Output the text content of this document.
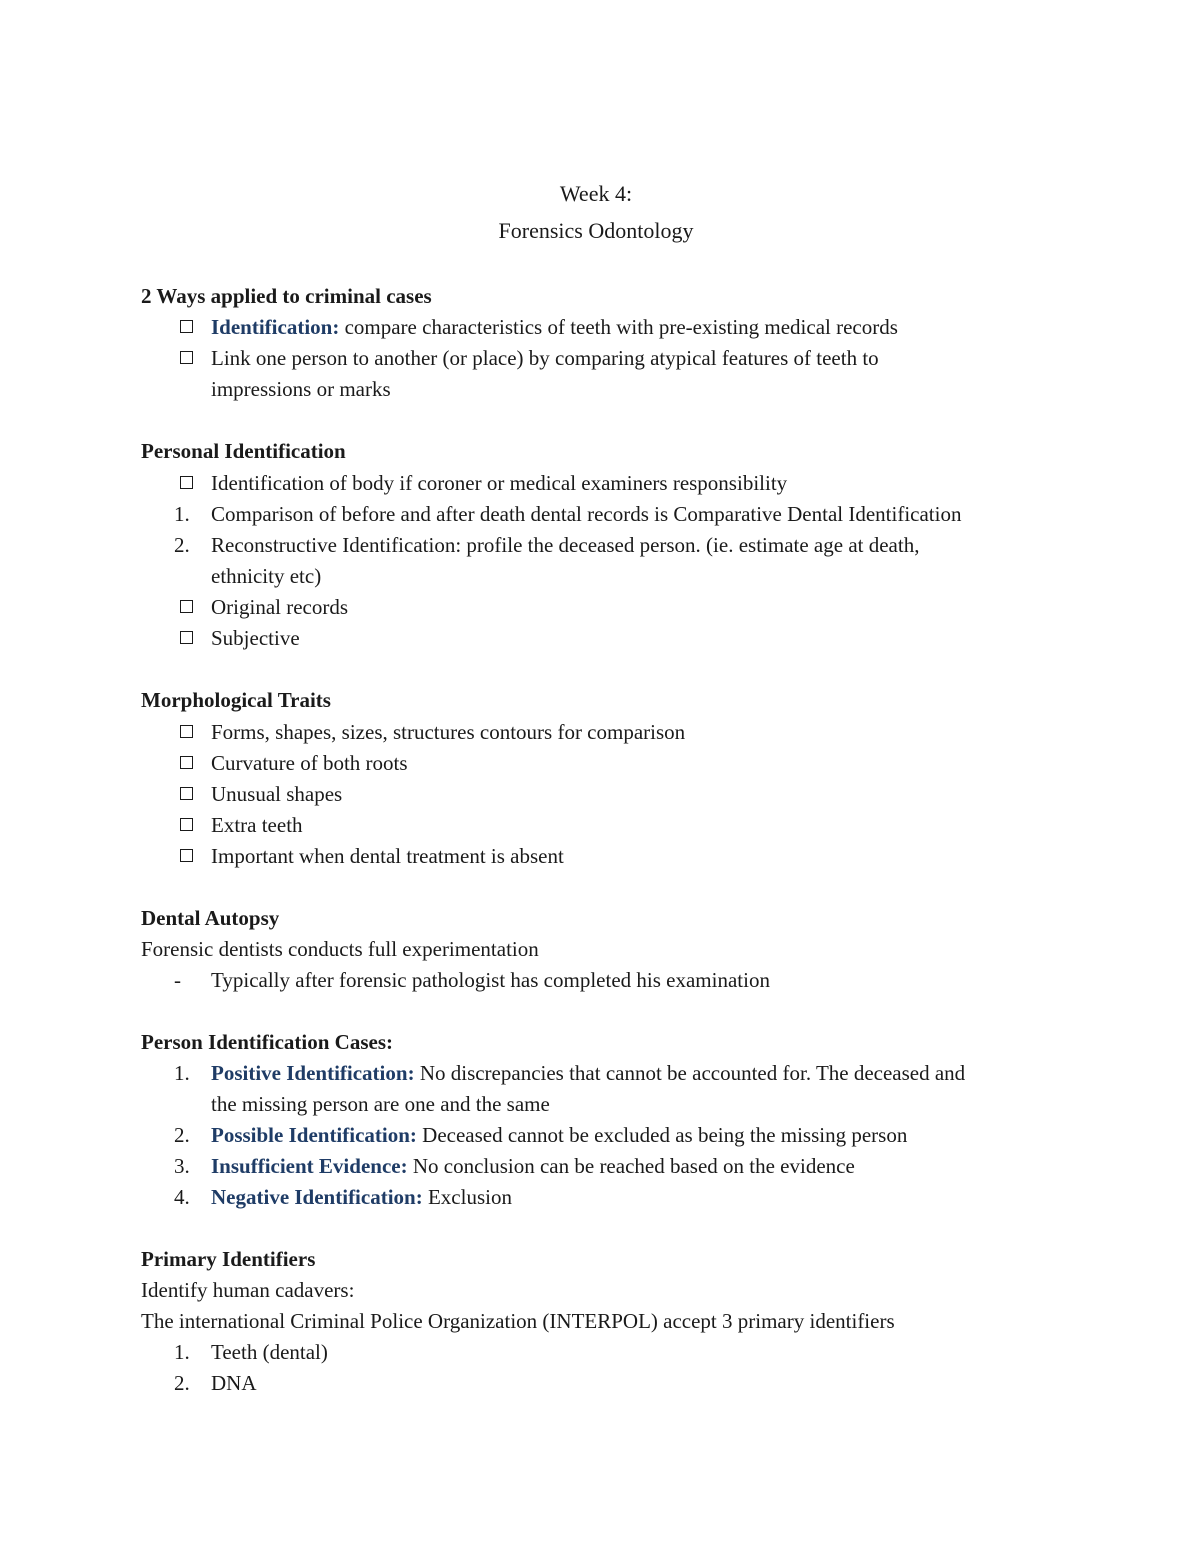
Week 4:
Forensics Odontology
2 Ways applied to criminal cases
Identification: compare characteristics of teeth with pre-existing medical records
Link one person to another (or place) by comparing atypical features of teeth to
impressions or marks
Personal Identification
Identification of body if coroner or medical examiners responsibility
1.	Comparison of before and after death dental records is Comparative Dental Identification
2.	Reconstructive Identification: profile the deceased person. (ie. estimate age at death,
ethnicity etc)
Original records
Subjective
Morphological Traits
Forms, shapes, sizes, structures contours for comparison
Curvature of both roots
Unusual shapes
Extra teeth
Important when dental treatment is absent
Dental Autopsy
Forensic dentists conducts full experimentation
-	Typically after forensic pathologist has completed his examination
Person Identification Cases:
1.	Positive Identification: No discrepancies that cannot be accounted for. The deceased and
the missing person are one and the same
2.	Possible Identification: Deceased cannot be excluded as being the missing person
3.	Insufficient Evidence: No conclusion can be reached based on the evidence
4.	Negative Identification: Exclusion
Primary Identifiers
Identify human cadavers:
The international Criminal Police Organization (INTERPOL) accept 3 primary identifiers
1.	Teeth (dental)
2.	DNA
